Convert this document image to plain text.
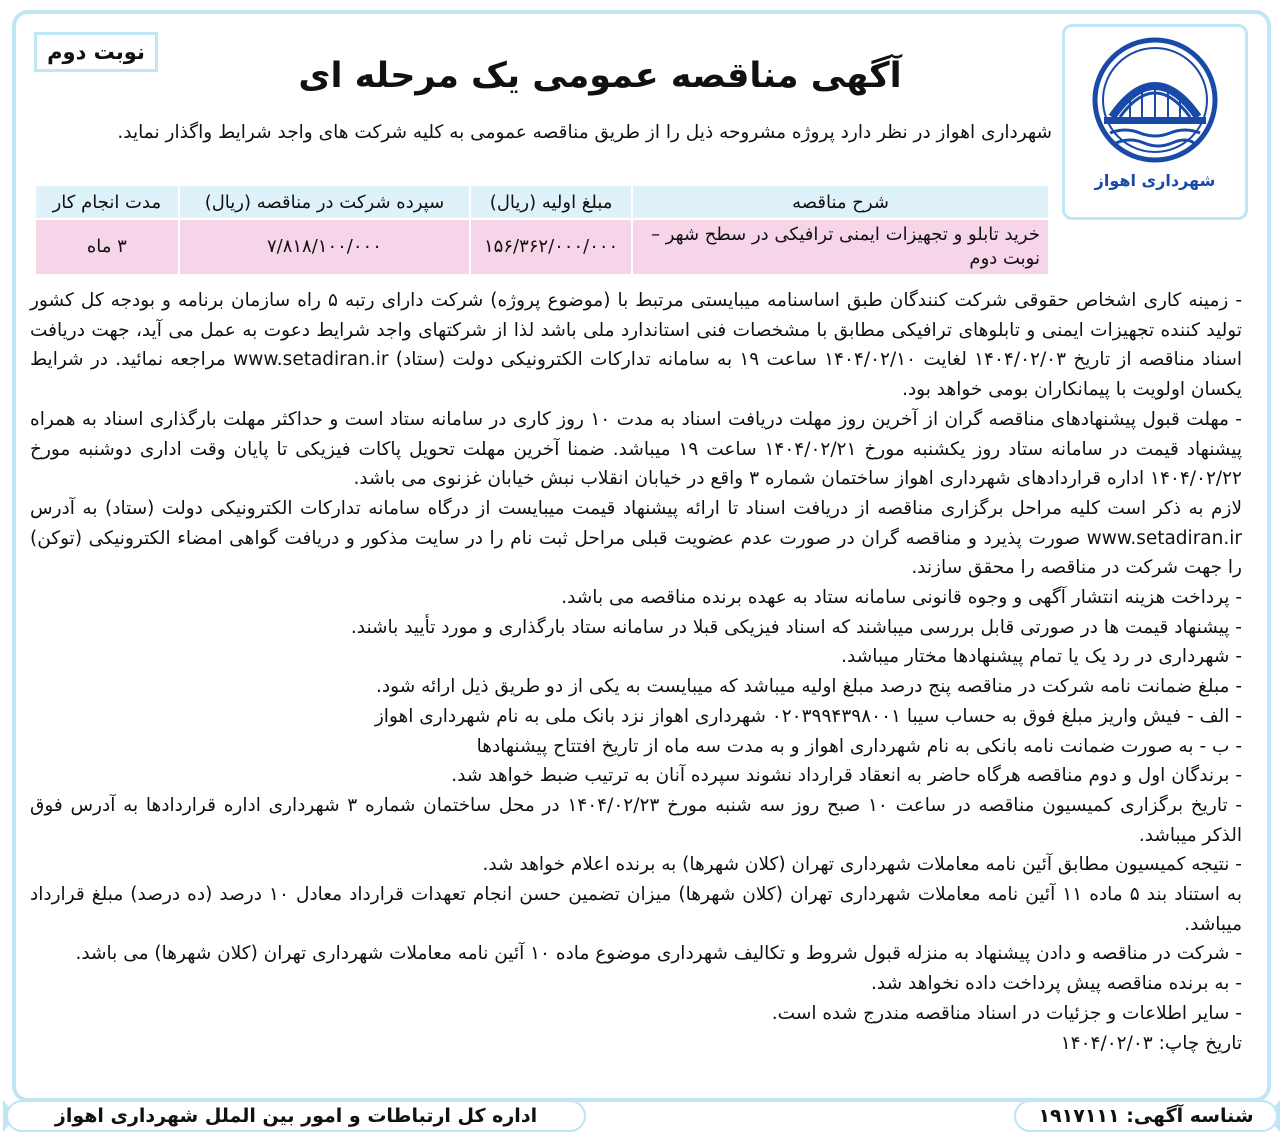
نوبت دوم
شهرداری اهواز
آگهی مناقصه عمومی یک مرحله ای
شهرداری اهواز در نظر دارد پروژه مشروحه ذیل را از طریق مناقصه عمومی به کلیه شرکت های واجد شرایط واگذار نماید.
شرح مناقصه	مبلغ اولیه (ریال)	سپرده شرکت در مناقصه (ریال)	مدت انجام کار
خرید تابلو و تجهیزات ایمنی ترافیکی در سطح شهر – نوبت دوم	۱۵۶/۳۶۲/۰۰۰/۰۰۰	۷/۸۱۸/۱۰۰/۰۰۰	۳ ماه

- زمینه کاری اشخاص حقوقی شرکت کنندگان طبق اساسنامه میبایستی مرتبط با (موضوع پروژه) شرکت دارای رتبه ۵ راه سازمان برنامه و بودجه کل کشور تولید کننده تجهیزات ایمنی و تابلوهای ترافیکی مطابق با مشخصات فنی استاندارد ملی باشد لذا از شرکتهای واجد شرایط دعوت به عمل می آید، جهت دریافت اسناد مناقصه از تاریخ ۱۴۰۴/۰۲/۰۳ لغایت ۱۴۰۴/۰۲/۱۰ ساعت ۱۹ به سامانه تدارکات الکترونیکی دولت (ستاد) www.setadiran.ir مراجعه نمائید. در شرایط یکسان اولویت با پیمانکاران بومی خواهد بود.

- مهلت قبول پیشنهادهای مناقصه گران از آخرین روز مهلت دریافت اسناد به مدت ۱۰ روز کاری در سامانه ستاد است و حداکثر مهلت بارگذاری اسناد به همراه پیشنهاد قیمت در سامانه ستاد روز یکشنبه مورخ ۱۴۰۴/۰۲/۲۱ ساعت ۱۹ میباشد. ضمنا آخرین مهلت تحویل پاکات فیزیکی تا پایان وقت اداری دوشنبه مورخ ۱۴۰۴/۰۲/۲۲ اداره قراردادهای شهرداری اهواز ساختمان شماره ۳ واقع در خیابان انقلاب نبش خیابان غزنوی می باشد.

لازم به ذکر است کلیه مراحل برگزاری مناقصه از دریافت اسناد تا ارائه پیشنهاد قیمت میبایست از درگاه سامانه تدارکات الکترونیکی دولت (ستاد) به آدرس www.setadiran.ir صورت پذیرد و مناقصه گران در صورت عدم عضویت قبلی مراحل ثبت نام را در سایت مذکور و دریافت گواهی امضاء الکترونیکی (توکن) را جهت شرکت در مناقصه را محقق سازند.

- پرداخت هزینه انتشار آگهی و وجوه قانونی سامانه ستاد به عهده برنده مناقصه می باشد.

- پیشنهاد قیمت ها در صورتی قابل بررسی میباشند که اسناد فیزیکی قبلا در سامانه ستاد بارگذاری و مورد تأیید باشند.

- شهرداری در رد یک یا تمام پیشنهادها مختار میباشد.

- مبلغ ضمانت نامه شرکت در مناقصه پنج درصد مبلغ اولیه میباشد که میبایست به یکی از دو طریق ذیل ارائه شود.

- الف - فیش واریز مبلغ فوق به حساب سیبا ۰۲۰۳۹۹۴۳۹۸۰۰۱ شهرداری اهواز نزد بانک ملی به نام شهرداری اهواز

- ب - به صورت ضمانت نامه بانکی به نام شهرداری اهواز و به مدت سه ماه از تاریخ افتتاح پیشنهادها

- برندگان اول و دوم مناقصه هرگاه حاضر به انعقاد قرارداد نشوند سپرده آنان به ترتیب ضبط خواهد شد.

- تاریخ برگزاری کمیسیون مناقصه در ساعت ۱۰ صبح روز سه شنبه مورخ ۱۴۰۴/۰۲/۲۳ در محل ساختمان شماره ۳ شهرداری اداره قراردادها به آدرس فوق الذکر میباشد.

- نتیجه کمیسیون مطابق آئین نامه معاملات شهرداری تهران (کلان شهرها) به برنده اعلام خواهد شد.

به استناد بند ۵ ماده ۱۱ آئین نامه معاملات شهرداری تهران (کلان شهرها) میزان تضمین حسن انجام تعهدات قرارداد معادل ۱۰ درصد (ده درصد) مبلغ قرارداد میباشد.

- شرکت در مناقصه و دادن پیشنهاد به منزله قبول شروط و تکالیف شهرداری موضوع ماده ۱۰ آئین نامه معاملات شهرداری تهران (کلان شهرها) می باشد.

- به برنده مناقصه پیش پرداخت داده نخواهد شد.

- سایر اطلاعات و جزئیات در اسناد مناقصه مندرج شده است.

تاریخ چاپ: ۱۴۰۴/۰۲/۰۳

شناسه آگهی: ۱۹۱۷۱۱۱
اداره کل ارتباطات و امور بین الملل شهرداری اهواز
